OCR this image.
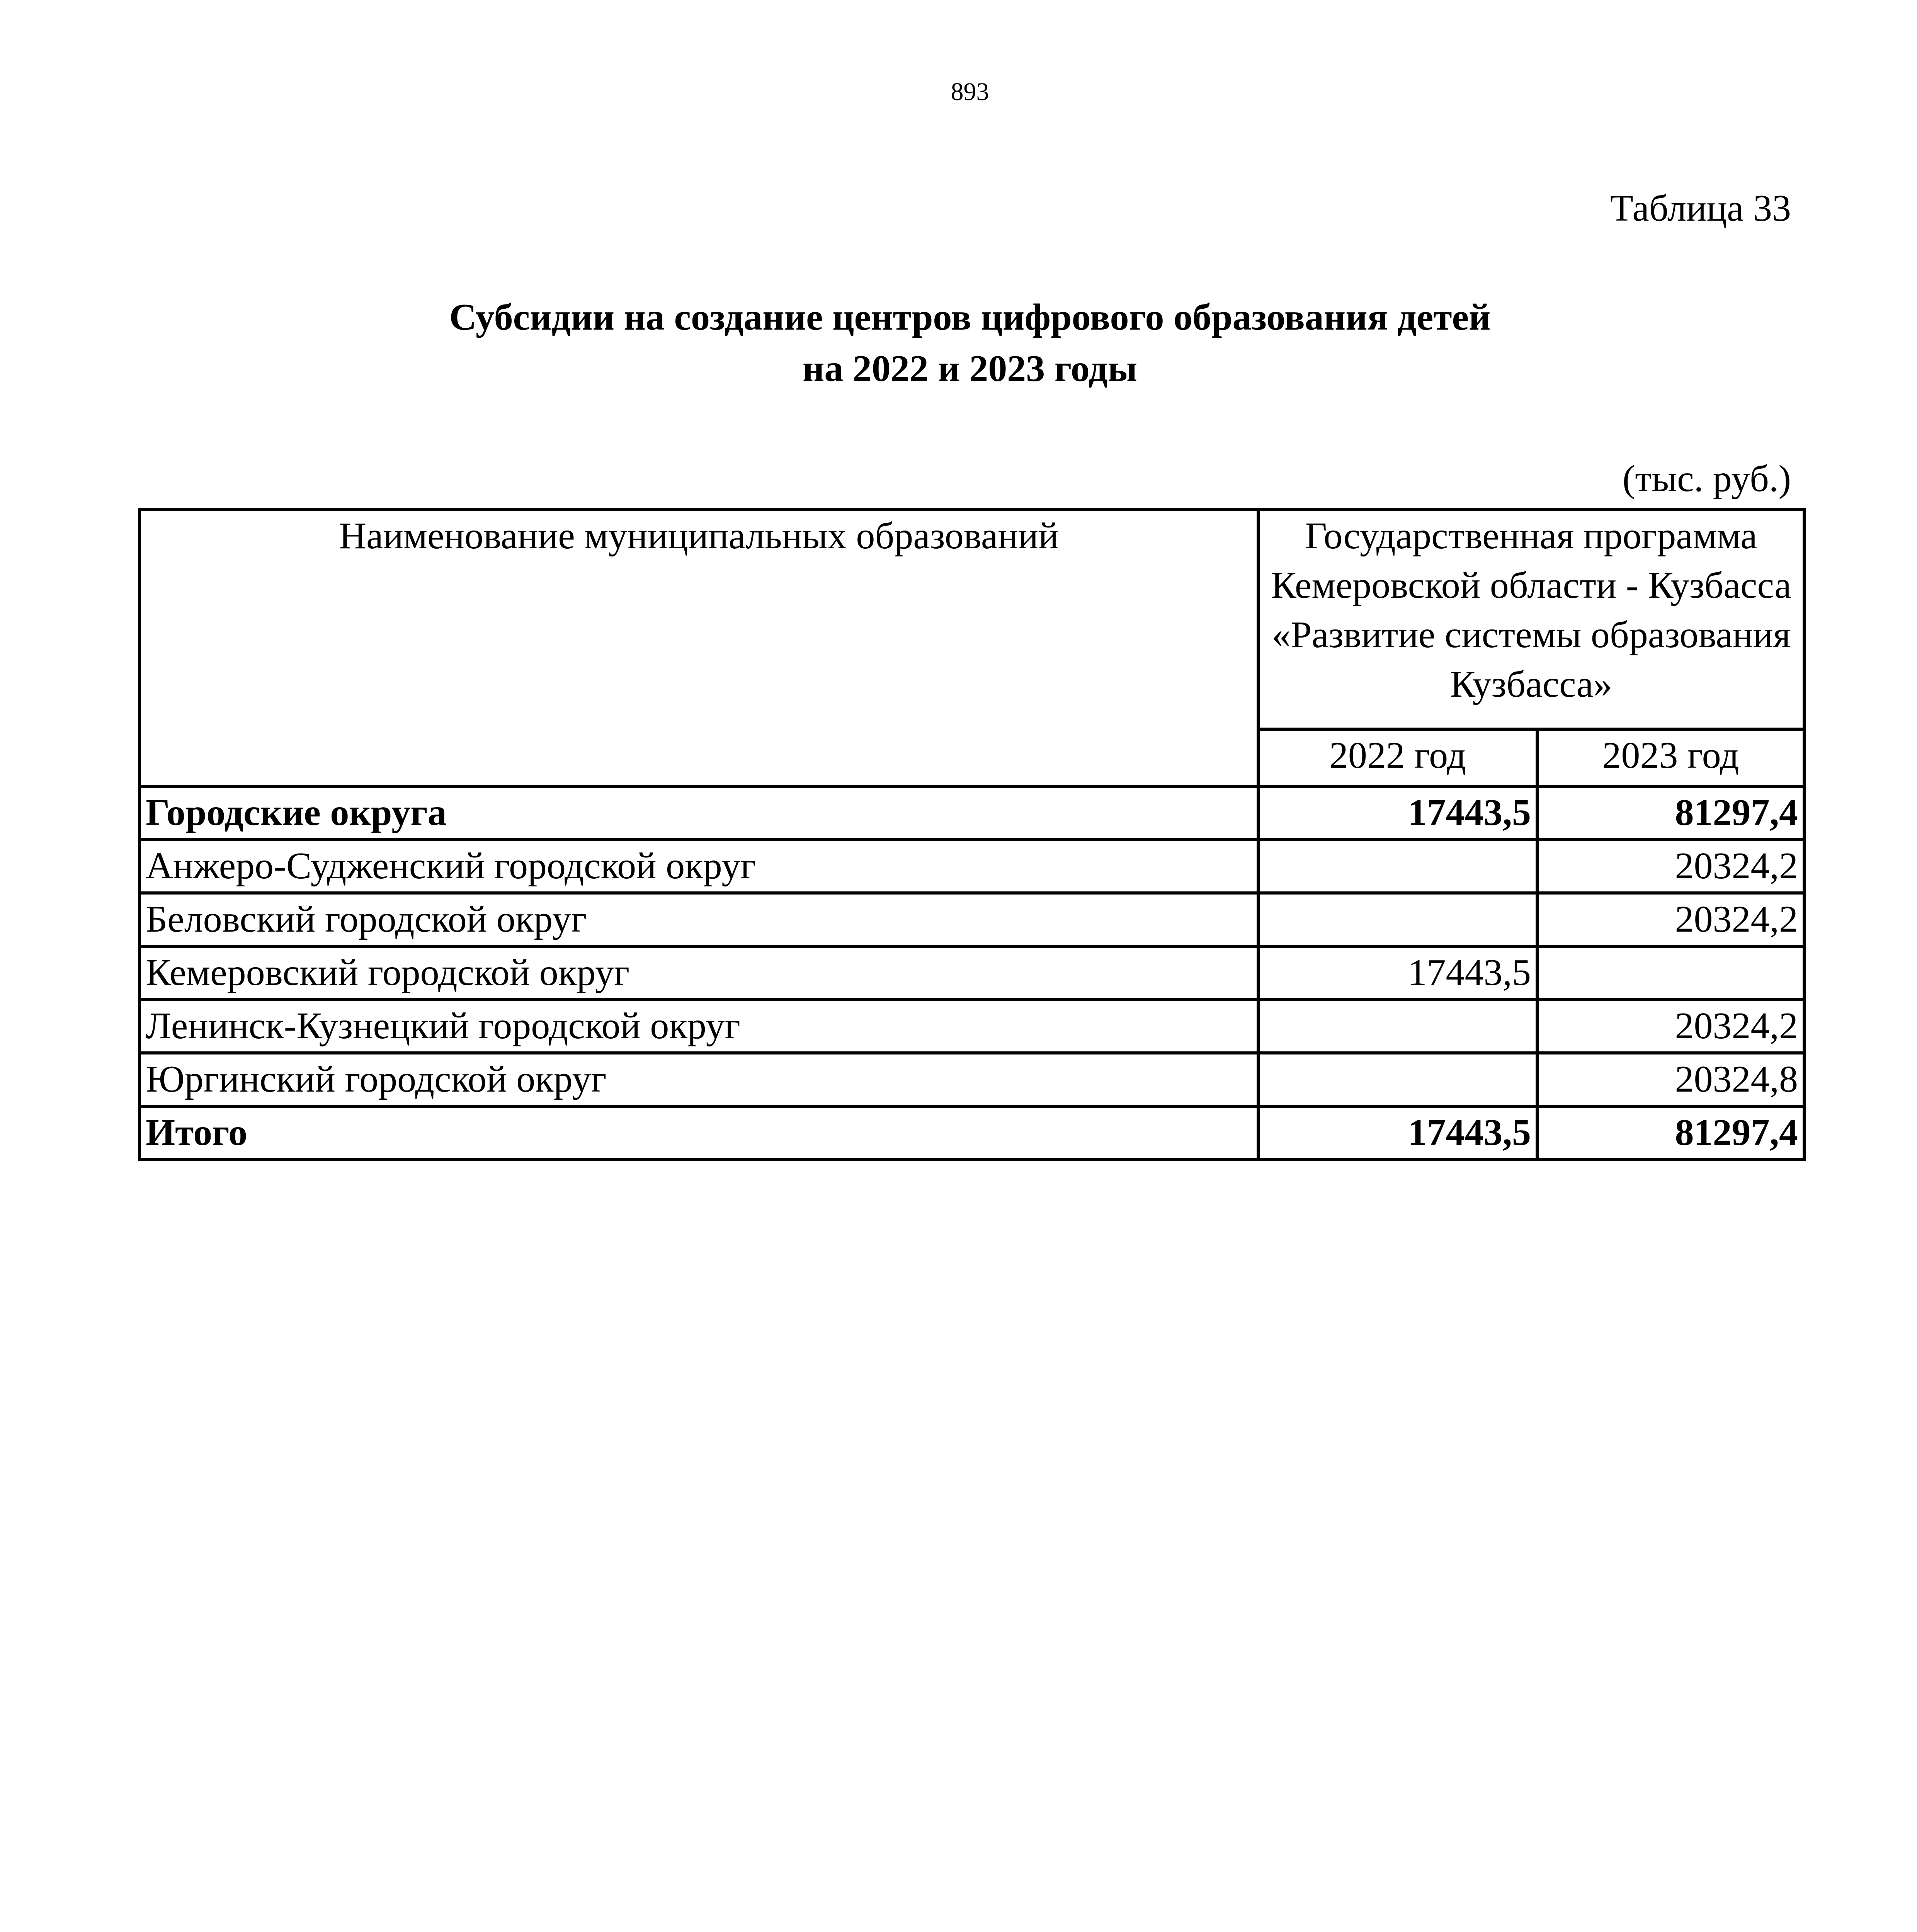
893
Таблица 33
Субсидии на создание центров цифрового образования детей
на 2022 и 2023 годы
(тыс. руб.)
Наименование муниципальных образований	Государственная программа Кемеровской области - Кузбасса «Развитие системы образования Кузбасса»	
	2022 год	2023 год
Городские округа	17443,5	81297,4
Анжеро-Судженский городской округ		20324,2
Беловский городской округ		20324,2
Кемеровский городской округ	17443,5	
Ленинск-Кузнецкий городской округ		20324,2
Юргинский городской округ		20324,8
Итого	17443,5	81297,4
